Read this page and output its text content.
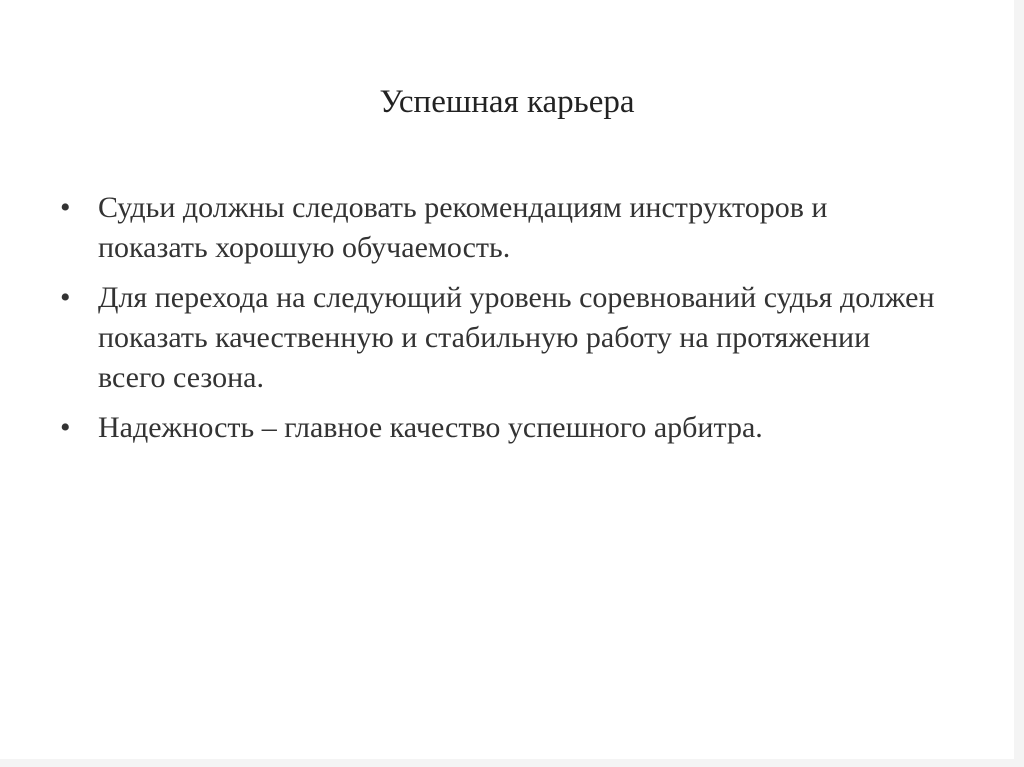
Успешная карьера
• Судьи должны следовать рекомендациям инструкторов и показать хорошую обучаемость.
• Для перехода на следующий уровень соревнований судья должен показать качественную и стабильную работу на протяжении всего сезона.
• Надежность – главное качество успешного арбитра.
